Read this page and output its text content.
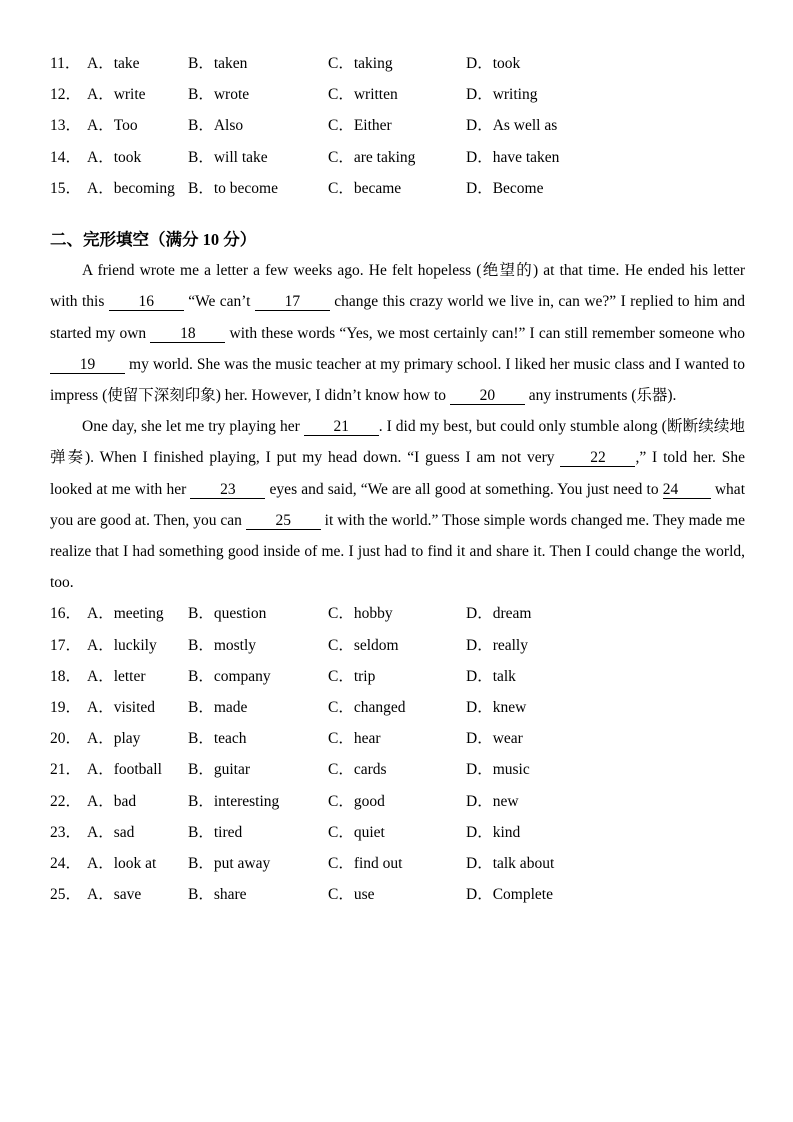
11． A．take	B．taken	C．taking	D．took
12． A．write	B．wrote	C．written	D．writing
13． A．Too	B．Also	C．Either	D．As well as
14． A．took	B．will take	C．are taking	D．have taken
15． A．becoming B．to become	C．became	D．Become
二、完形填空（满分 10 分）
A friend wrote me a letter a few weeks ago. He felt hopeless (绝望的) at that time. He ended his letter with this 16 “We can’t 17 change this crazy world we live in, can we?” I replied to him and started my own 18 with these words “Yes, we most certainly can!” I can still remember someone who 19 my world. She was the music teacher at my primary school. I liked her music class and I wanted to impress (使留下深刻印象) her. However, I didn’t know how to 20 any instruments (乐器).
One day, she let me try playing her 21 . I did my best, but could only stumble along (断断续续地弹奏). When I finished playing, I put my head down. “I guess I am not very 22 ,” I told her. She looked at me with her 23 eyes and said, “We are all good at something. You just need to 24 what you are good at. Then, you can 25 it with the world.” Those simple words changed me. They made me realize that I had something good inside of me. I just had to find it and share it. Then I could change the world, too.
16． A．meeting	B．question	C．hobby	D．dream
17． A．luckily	B．mostly	C．seldom	D．really
18． A．letter	B．company	C．trip	D．talk
19． A．visited	B．made	C．changed	D．knew
20． A．play	B．teach	C．hear	D．wear
21． A．football	B．guitar	C．cards	D．music
22． A．bad	B．interesting	C．good	D．new
23． A．sad	B．tired	C．quiet	D．kind
24． A．look at	B．put away	C．find out	D．talk about
25． A．save	B．share	C．use	D．Complete
